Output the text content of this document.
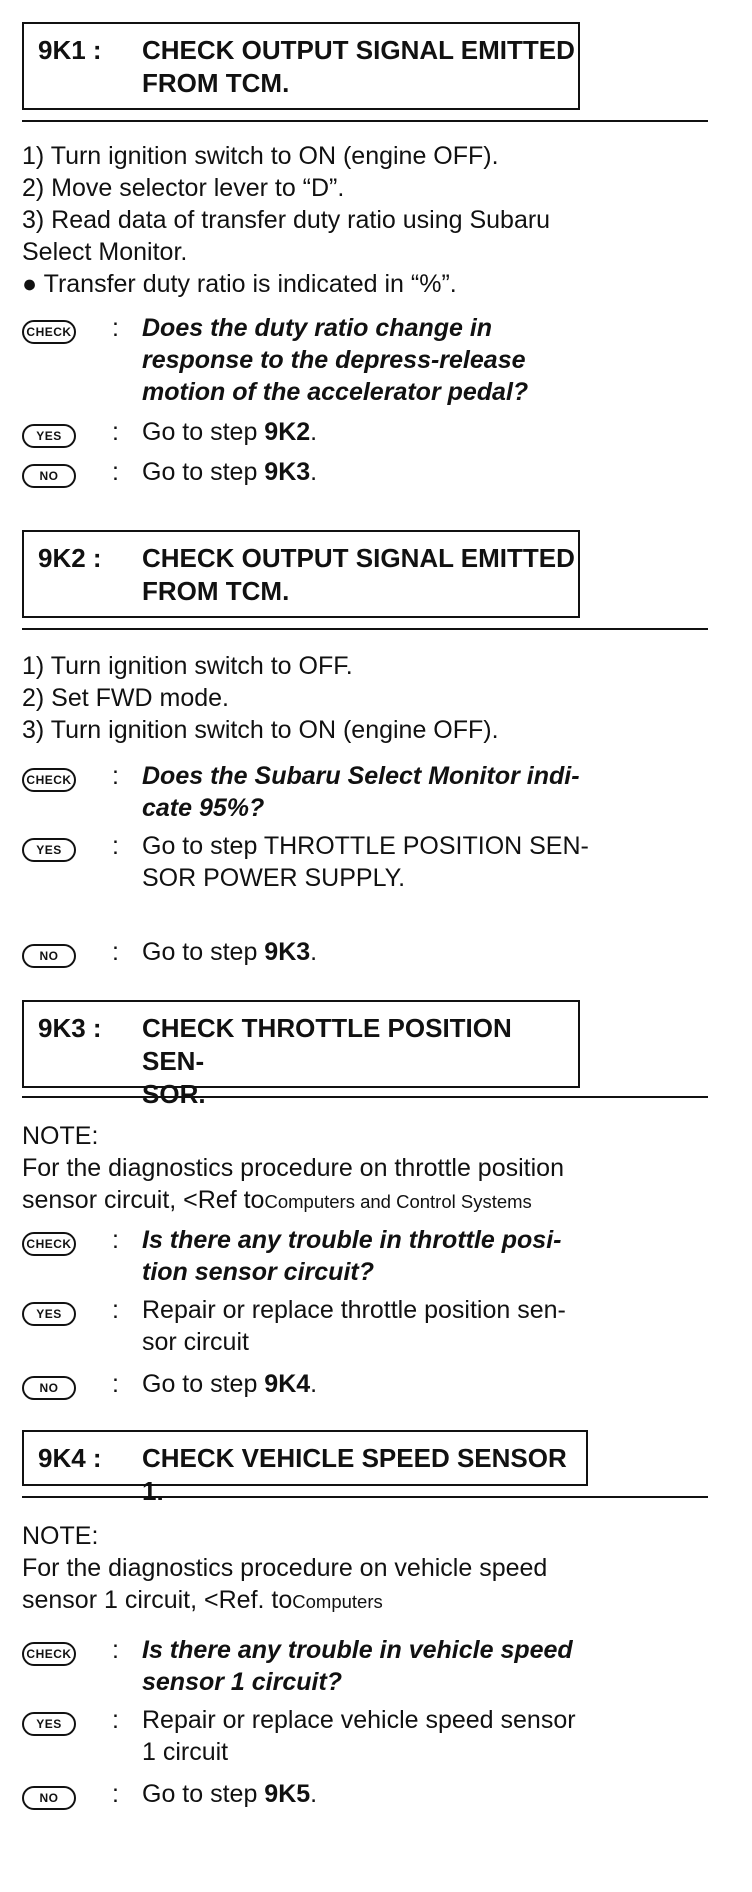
9K1 : CHECK OUTPUT SIGNAL EMITTED
FROM TCM.
1) Turn ignition switch to ON (engine OFF).
2) Move selector lever to “D”.
3) Read data of transfer duty ratio using Subaru
Select Monitor.
● Transfer duty ratio is indicated in “%”.
CHECK : Does the duty ratio change in
response to the depress-release
motion of the accelerator pedal?
YES	: Go to step 9K2.
NO	: Go to step 9K3.
9K2 : CHECK OUTPUT SIGNAL EMITTED
FROM TCM.
1) Turn ignition switch to OFF.
2) Set FWD mode.
3) Turn ignition switch to ON (engine OFF).
CHECK : Does the Subaru Select Monitor indi-
cate 95%?
YES	: Go to step THROTTLE POSITION SEN-
SOR POWER SUPPLY.
NO	: Go to step 9K3.
9K3 : CHECK THROTTLE POSITION SEN-
SOR.
NOTE:
For the diagnostics procedure on throttle position
sensor circuit, <Ref toComputers and Control Systems
CHECK : Is there any trouble in throttle posi-
tion sensor circuit?
YES	: Repair or replace throttle position sen-
sor circuit
NO	: Go to step 9K4.
9K4 : CHECK VEHICLE SPEED SENSOR 1.
NOTE:
For the diagnostics procedure on vehicle speed
sensor 1 circuit, <Ref. toComputers
CHECK : Is there any trouble in vehicle speed
sensor 1 circuit?
YES	: Repair or replace vehicle speed sensor
1 circuit
NO	: Go to step 9K5.
